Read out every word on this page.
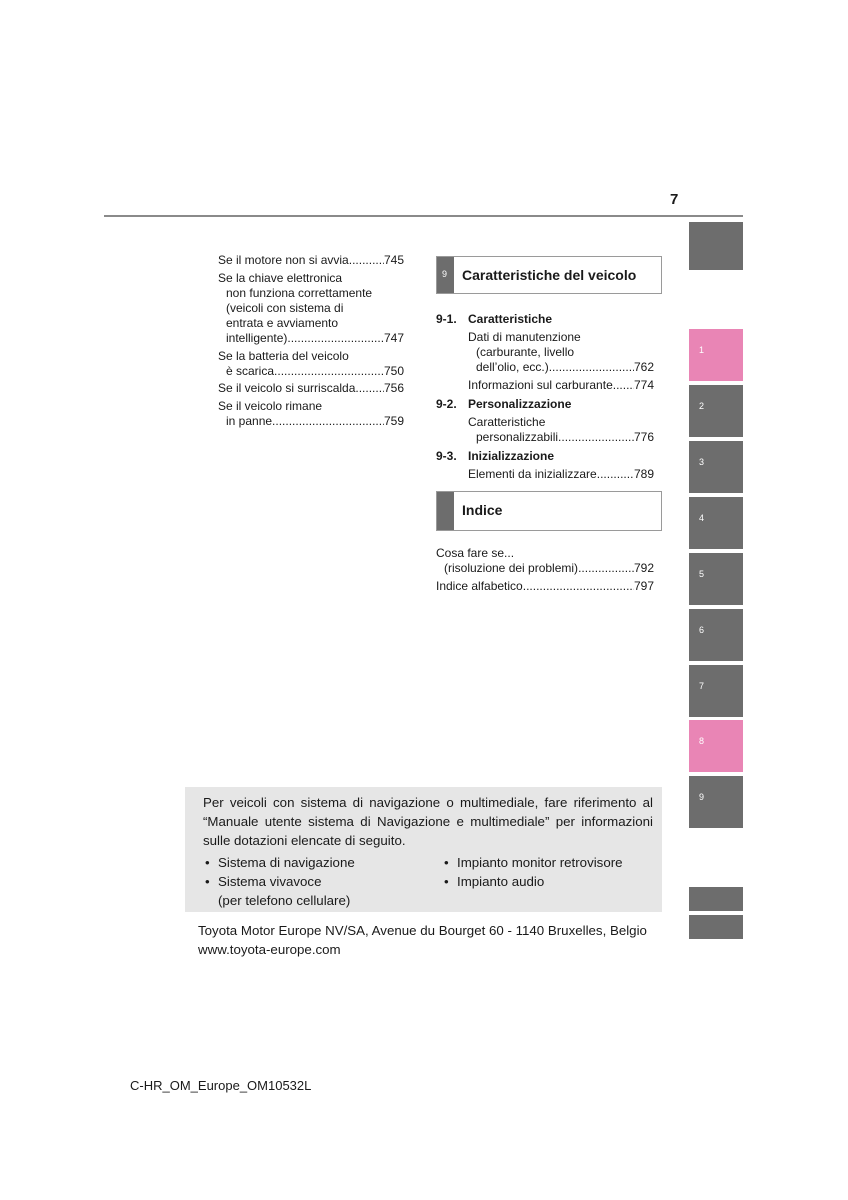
7
1
2
3
4
5
6
7
8
9
Se il motore non si avvia .....	745
Se la chiave elettronica
non funziona correttamente
(veicoli con sistema di
entrata e avviamento
intelligente) .....	747
Se la batteria del veicolo
è scarica .....	750
Se il veicolo si surriscalda ..... 756
Se il veicolo rimane
in panne .....	759
9 Caratteristiche del veicolo
9-1. Caratteristiche
Dati di manutenzione
(carburante, livello
dell’olio, ecc.) .....	762
Informazioni sul carburante ..... 774
9-2. Personalizzazione
Caratteristiche
personalizzabili .....	776
9-3. Inizializzazione
Elementi da inizializzare .....	789
Indice
Cosa fare se...
(risoluzione dei problemi) .....	792
Indice alfabetico .....	797

Per veicoli con sistema di navigazione o multimediale, fare riferimento al “Manuale utente sistema di Navigazione e multimediale” per informazioni sulle dotazioni elencate di seguito.

• Sistema di navigazione
• Sistema vivavoce
(per telefono cellulare)
• Impianto monitor retrovisore
• Impianto audio
Toyota Motor Europe NV/SA, Avenue du Bourget 60 - 1140 Bruxelles, Belgio
www.toyota-europe.com
C-HR_OM_Europe_OM10532L
